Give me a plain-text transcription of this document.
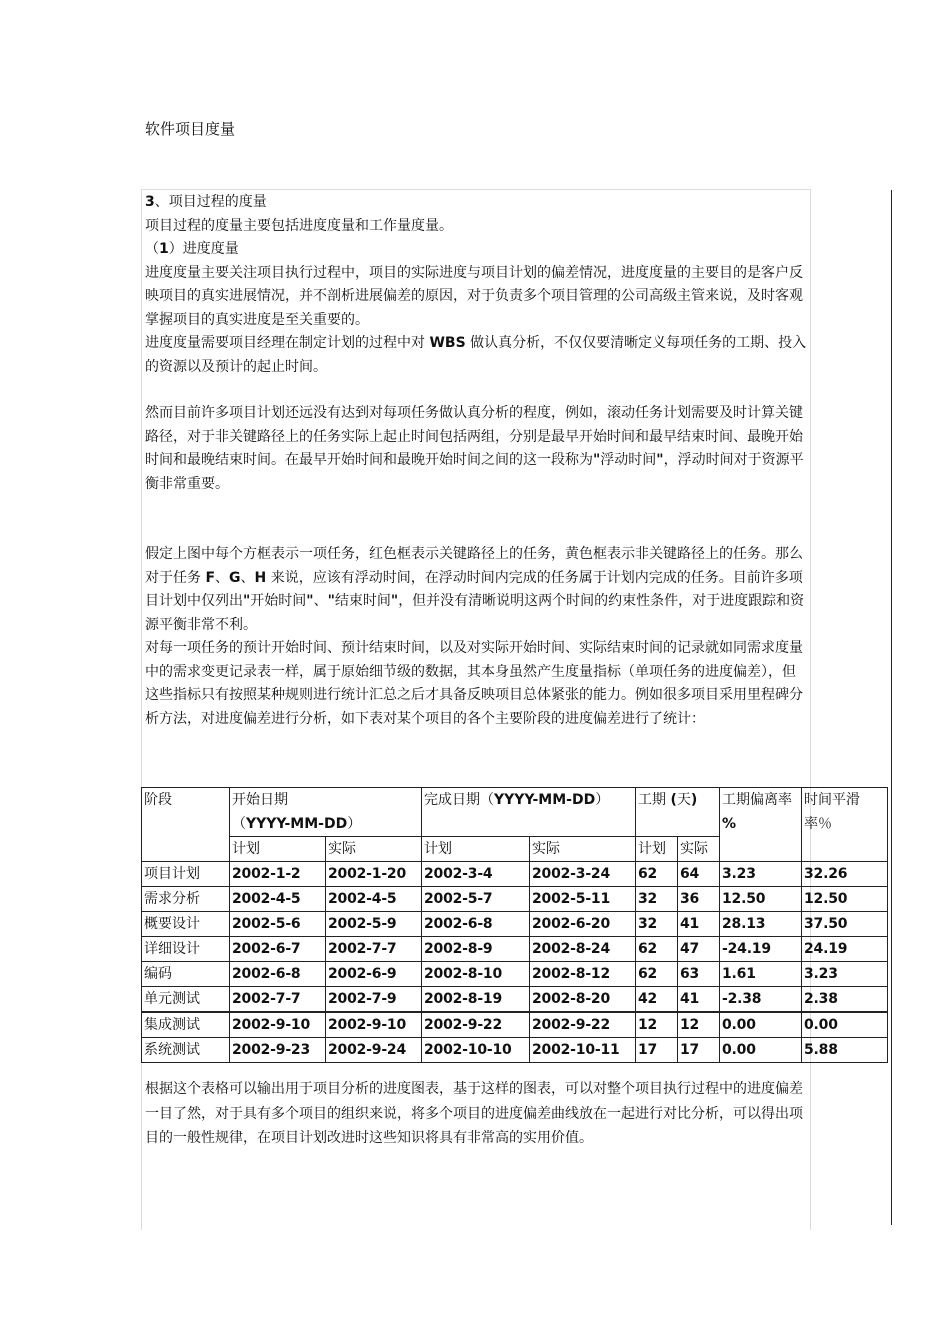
软件项目度量

3、项目过程的度量

项目过程的度量主要包括进度度量和工作量度量。

（1）进度度量

进度度量主要关注项目执行过程中，项目的实际进度与项目计划的偏差情况，进度度量的主要目的是客户反映项目的真实进展情况，并不剖析进展偏差的原因，对于负责多个项目管理的公司高级主管来说，及时客观掌握项目的真实进度是至关重要的。

进度度量需要项目经理在制定计划的过程中对 WBS 做认真分析，不仅仅要清晰定义每项任务的工期、投入的资源以及预计的起止时间。

然而目前许多项目计划还远没有达到对每项任务做认真分析的程度，例如，滚动任务计划需要及时计算关键路径，对于非关键路径上的任务实际上起止时间包括两组，分别是最早开始时间和最早结束时间、最晚开始时间和最晚结束时间。在最早开始时间和最晚开始时间之间的这一段称为"浮动时间"，浮动时间对于资源平衡非常重要。

假定上图中每个方框表示一项任务，红色框表示关键路径上的任务，黄色框表示非关键路径上的任务。那么对于任务 F、G、H 来说，应该有浮动时间，在浮动时间内完成的任务属于计划内完成的任务。目前许多项目计划中仅列出"开始时间"、"结束时间"，但并没有清晰说明这两个时间的约束性条件，对于进度跟踪和资源平衡非常不利。

对每一项任务的预计开始时间、预计结束时间，以及对实际开始时间、实际结束时间的记录就如同需求度量中的需求变更记录表一样，属于原始细节级的数据，其本身虽然产生度量指标（单项任务的进度偏差），但这些指标只有按照某种规则进行统计汇总之后才具备反映项目总体紧张的能力。例如很多项目采用里程碑分析方法，对进度偏差进行分析，如下表对某个项目的各个主要阶段的进度偏差进行了统计：

阶段	开始日期
（YYYY-MM-DD）		完成日期（YYYY-MM-DD）		工期 (天)		工期偏离率 %	时间平滑率％

	计划	实际	计划	实际	计划	实际		
项目计划	2002-1-2	2002-1-20	2002-3-4	2002-3-24	62	64	3.23	32.26
需求分析	2002-4-5	2002-4-5	2002-5-7	2002-5-11	32	36	12.50	12.50
概要设计	2002-5-6	2002-5-9	2002-6-8	2002-6-20	32	41	28.13	37.50
详细设计	2002-6-7	2002-7-7	2002-8-9	2002-8-24	62	47	-24.19	24.19
编码	2002-6-8	2002-6-9	2002-8-10	2002-8-12	62	63	1.61	3.23
单元测试	2002-7-7	2002-7-9	2002-8-19	2002-8-20	42	41	-2.38	2.38
集成测试	2002-9-10	2002-9-10	2002-9-22	2002-9-22	12	12	0.00	0.00
系统测试	2002-9-23	2002-9-24	2002-10-10	2002-10-11	17	17	0.00	5.88

根据这个表格可以输出用于项目分析的进度图表，基于这样的图表，可以对整个项目执行过程中的进度偏差一目了然，对于具有多个项目的组织来说，将多个项目的进度偏差曲线放在一起进行对比分析，可以得出项目的一般性规律，在项目计划改进时这些知识将具有非常高的实用价值。
